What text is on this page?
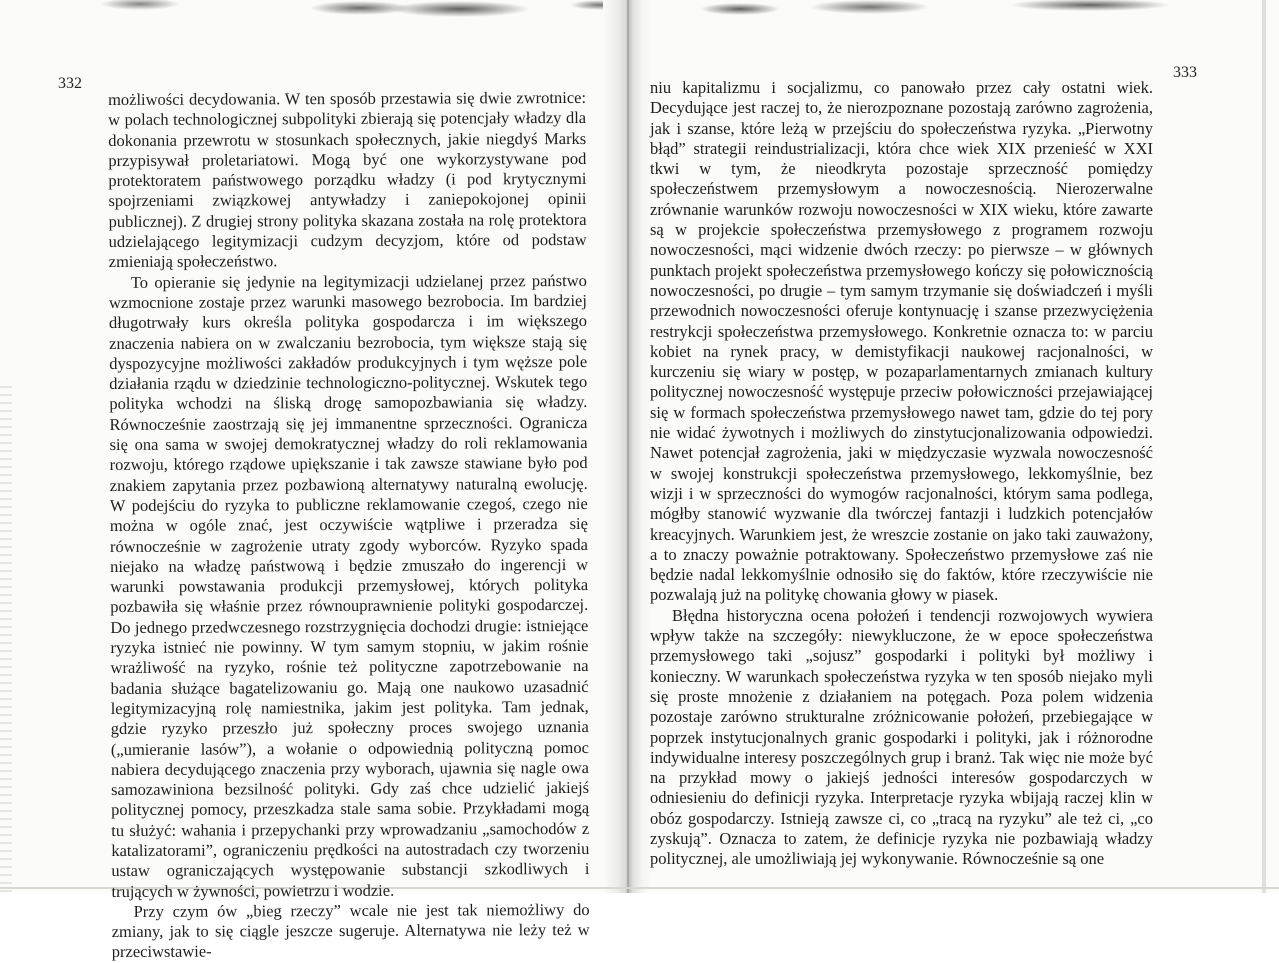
332
333

możliwości decydowania. W ten sposób przestawia się dwie zwrotnice: w polach technologicznej subpolityki zbierają się potencjały władzy dla dokonania przewrotu w stosunkach społecznych, jakie niegdyś Marks przypisywał proletariatowi. Mogą być one wykorzystywane pod protektoratem państwowego porządku władzy (i pod krytycznymi spojrzeniami związkowej antywładzy i zaniepokojonej opinii publicznej). Z drugiej strony polityka skazana została na rolę protektora udzielającego legitymizacji cudzym decyzjom, które od podstaw zmieniają społeczeństwo.

To opieranie się jedynie na legitymizacji udzielanej przez państwo wzmocnione zostaje przez warunki masowego bezrobocia. Im bardziej długotrwały kurs określa polityka gospodarcza i im większego znaczenia nabiera on w zwalczaniu bezrobocia, tym większe stają się dyspozycyjne możliwości zakładów produkcyjnych i tym węższe pole działania rządu w dziedzinie technologiczno-politycznej. Wskutek tego polityka wchodzi na śliską drogę samopozbawiania się władzy. Równocześnie zaostrzają się jej immanentne sprzeczności. Ogranicza się ona sama w swojej demokratycznej władzy do roli reklamowania rozwoju, którego rządowe upiększanie i tak zawsze stawiane było pod znakiem zapytania przez pozbawioną alternatywy naturalną ewolucję. W podejściu do ryzyka to publiczne reklamowanie czegoś, czego nie można w ogóle znać, jest oczywiście wątpliwe i przeradza się równocześnie w zagrożenie utraty zgody wyborców. Ryzyko spada niejako na władzę państwową i będzie zmuszało do ingerencji w warunki powstawania produkcji przemysłowej, których polityka pozbawiła się właśnie przez równouprawnienie polityki gospodarczej. Do jednego przedwczesnego rozstrzygnięcia dochodzi drugie: istniejące ryzyka istnieć nie powinny. W tym samym stopniu, w jakim rośnie wrażliwość na ryzyko, rośnie też polityczne zapotrzebowanie na badania służące bagatelizowaniu go. Mają one naukowo uzasadnić legitymizacyjną rolę namiestnika, jakim jest polityka. Tam jednak, gdzie ryzyko przeszło już społeczny proces swojego uznania („umieranie lasów”), a wołanie o odpowiednią polityczną pomoc nabiera decydującego znaczenia przy wyborach, ujawnia się nagle owa samozawiniona bezsilność polityki. Gdy zaś chce udzielić jakiejś politycznej pomocy, przeszkadza stale sama sobie. Przykładami mogą tu służyć: wahania i przepychanki przy wprowadzaniu „samochodów z katalizatorami”, ograniczeniu prędkości na autostradach czy tworzeniu ustaw ograniczających występowanie substancji szkodliwych i trujących w żywności, powietrzu i wodzie.

Przy czym ów „bieg rzeczy” wcale nie jest tak niemożliwy do zmiany, jak to się ciągle jeszcze sugeruje. Alternatywa nie leży też w przeciwstawie-

niu kapitalizmu i socjalizmu, co panowało przez cały ostatni wiek. Decydujące jest raczej to, że nierozpoznane pozostają zarówno zagrożenia, jak i szanse, które leżą w przejściu do społeczeństwa ryzyka. „Pierwotny błąd” strategii reindustrializacji, która chce wiek XIX przenieść w XXI tkwi w tym, że nieodkryta pozostaje sprzeczność pomiędzy społeczeństwem przemysłowym a nowoczesnością. Nierozerwalne zrównanie warunków rozwoju nowoczesności w XIX wieku, które zawarte są w projekcie społeczeństwa przemysłowego z programem rozwoju nowoczesności, mąci widzenie dwóch rzeczy: po pierwsze – w głównych punktach projekt społeczeństwa przemysłowego kończy się połowicznością nowoczesności, po drugie – tym samym trzymanie się doświadczeń i myśli przewodnich nowoczesności oferuje kontynuację i szanse przezwyciężenia restrykcji społeczeństwa przemysłowego. Konkretnie oznacza to: w parciu kobiet na rynek pracy, w demistyfikacji naukowej racjonalności, w kurczeniu się wiary w postęp, w pozaparlamentarnych zmianach kultury politycznej nowoczesność występuje przeciw połowiczności przejawiającej się w formach społeczeństwa przemysłowego nawet tam, gdzie do tej pory nie widać żywotnych i możliwych do zinstytucjonalizowania odpowiedzi. Nawet potencjał zagrożenia, jaki w międzyczasie wyzwala nowoczesność w swojej konstrukcji społeczeństwa przemysłowego, lekkomyślnie, bez wizji i w sprzeczności do wymogów racjonalności, którym sama podlega, mógłby stanowić wyzwanie dla twórczej fantazji i ludzkich potencjałów kreacyjnych. Warunkiem jest, że wreszcie zostanie on jako taki zauważony, a to znaczy poważnie potraktowany. Społeczeństwo przemysłowe zaś nie będzie nadal lekkomyślnie odnosiło się do faktów, które rzeczywiście nie pozwalają już na politykę chowania głowy w piasek.

Błędna historyczna ocena położeń i tendencji rozwojowych wywiera wpływ także na szczegóły: niewykluczone, że w epoce społeczeństwa przemysłowego taki „sojusz” gospodarki i polityki był możliwy i konieczny. W warunkach społeczeństwa ryzyka w ten sposób niejako myli się proste mnożenie z działaniem na potęgach. Poza polem widzenia pozostaje zarówno strukturalne zróżnicowanie położeń, przebiegające w poprzek instytucjonalnych granic gospodarki i polityki, jak i różnorodne indywidualne interesy poszczególnych grup i branż. Tak więc nie może być na przykład mowy o jakiejś jedności interesów gospodarczych w odniesieniu do definicji ryzyka. Interpretacje ryzyka wbijają raczej klin w obóz gospodarczy. Istnieją zawsze ci, co „tracą na ryzyku” ale też ci, „co zyskują”. Oznacza to zatem, że definicje ryzyka nie pozbawiają władzy politycznej, ale umożliwiają jej wykonywanie. Równocześnie są one
